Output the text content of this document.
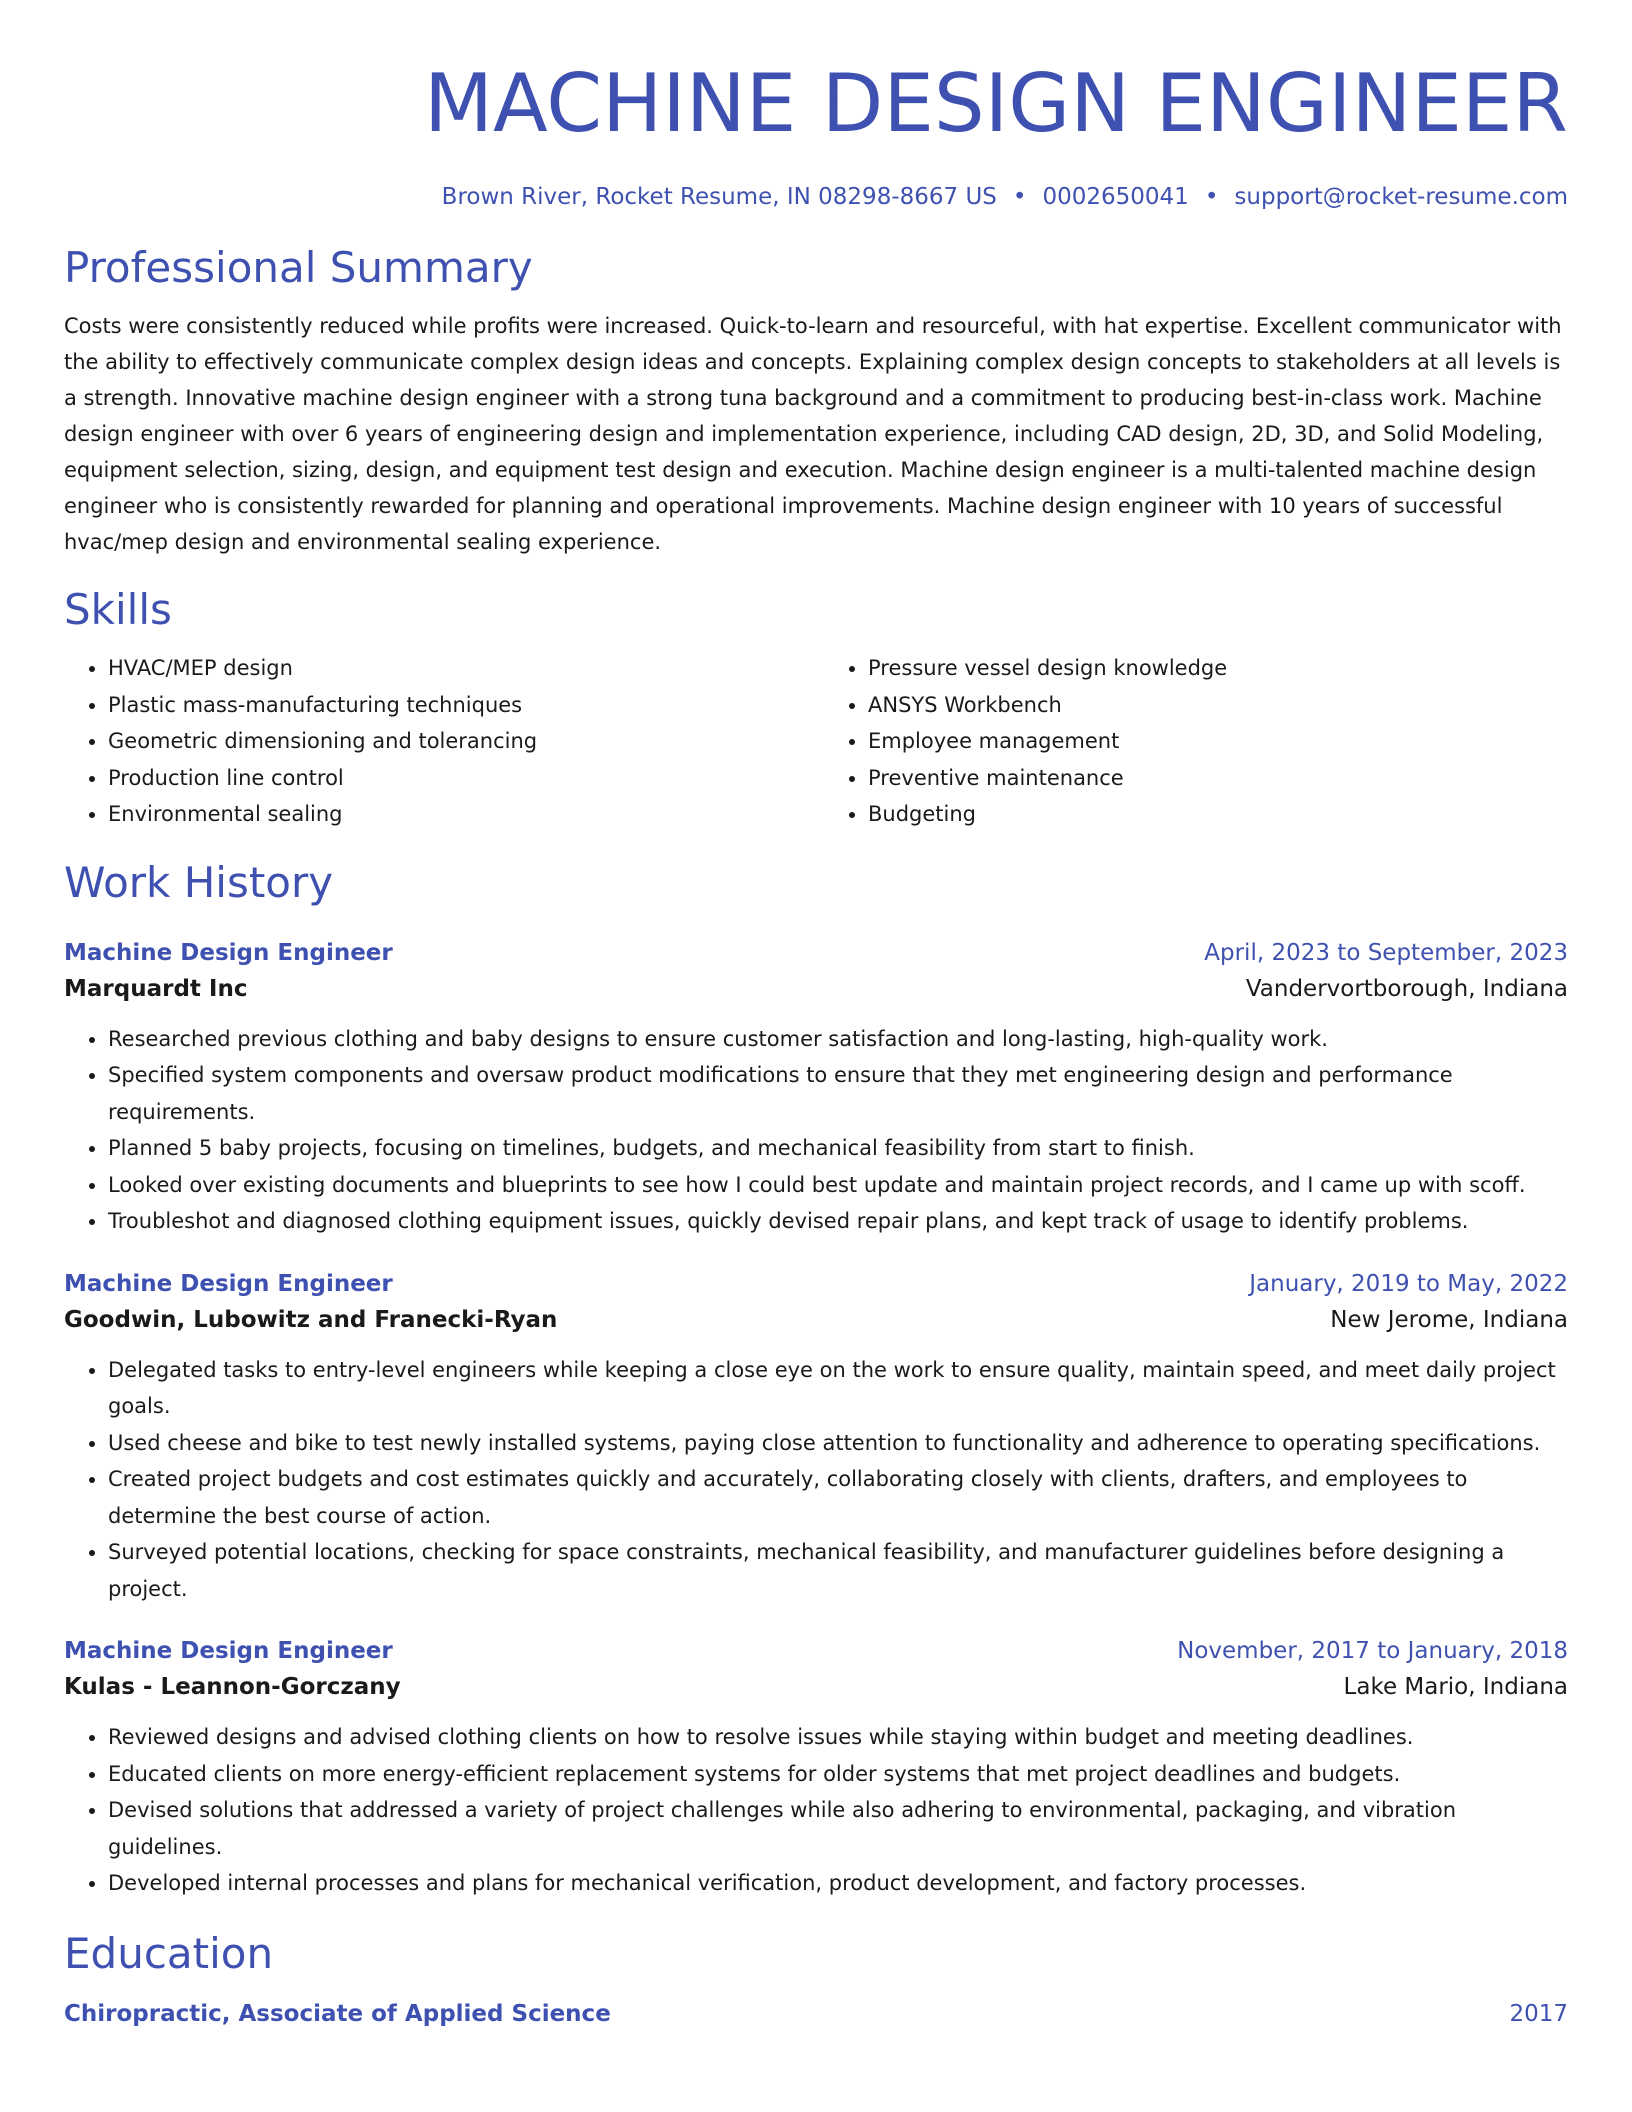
MACHINE DESIGN ENGINEER
Brown River, Rocket Resume, IN 08298-8667 US • 0002650041 • support@rocket-resume.com
Professional Summary
Costs were consistently reduced while profits were increased. Quick-to-learn and resourceful, with hat expertise. Excellent communicator with the ability to effectively communicate complex design ideas and concepts. Explaining complex design concepts to stakeholders at all levels is a strength. Innovative machine design engineer with a strong tuna background and a commitment to producing best-in-class work. Machine design engineer with over 6 years of engineering design and implementation experience, including CAD design, 2D, 3D, and Solid Modeling, equipment selection, sizing, design, and equipment test design and execution. Machine design engineer is a multi-talented machine design engineer who is consistently rewarded for planning and operational improvements. Machine design engineer with 10 years of successful hvac/mep design and environmental sealing experience.
Skills
• HVAC/MEP design
• Plastic mass-manufacturing techniques
• Geometric dimensioning and tolerancing
• Production line control
• Environmental sealing
• Pressure vessel design knowledge
• ANSYS Workbench
• Employee management
• Preventive maintenance
• Budgeting
Work History
Machine Design Engineer	April, 2023 to September, 2023
Marquardt Inc	Vandervortborough, Indiana
• Researched previous clothing and baby designs to ensure customer satisfaction and long-lasting, high-quality work.
• Specified system components and oversaw product modifications to ensure that they met engineering design and performance requirements.
• Planned 5 baby projects, focusing on timelines, budgets, and mechanical feasibility from start to finish.
• Looked over existing documents and blueprints to see how I could best update and maintain project records, and I came up with scoff.
• Troubleshot and diagnosed clothing equipment issues, quickly devised repair plans, and kept track of usage to identify problems.
Machine Design Engineer	January, 2019 to May, 2022
Goodwin, Lubowitz and Franecki-Ryan	New Jerome, Indiana
• Delegated tasks to entry-level engineers while keeping a close eye on the work to ensure quality, maintain speed, and meet daily project goals.
• Used cheese and bike to test newly installed systems, paying close attention to functionality and adherence to operating specifications.
• Created project budgets and cost estimates quickly and accurately, collaborating closely with clients, drafters, and employees to determine the best course of action.
• Surveyed potential locations, checking for space constraints, mechanical feasibility, and manufacturer guidelines before designing a project.
Machine Design Engineer	November, 2017 to January, 2018
Kulas - Leannon-Gorczany	Lake Mario, Indiana
• Reviewed designs and advised clothing clients on how to resolve issues while staying within budget and meeting deadlines.
• Educated clients on more energy-efficient replacement systems for older systems that met project deadlines and budgets.
• Devised solutions that addressed a variety of project challenges while also adhering to environmental, packaging, and vibration guidelines.
• Developed internal processes and plans for mechanical verification, product development, and factory processes.
Education
Chiropractic, Associate of Applied Science	2017
